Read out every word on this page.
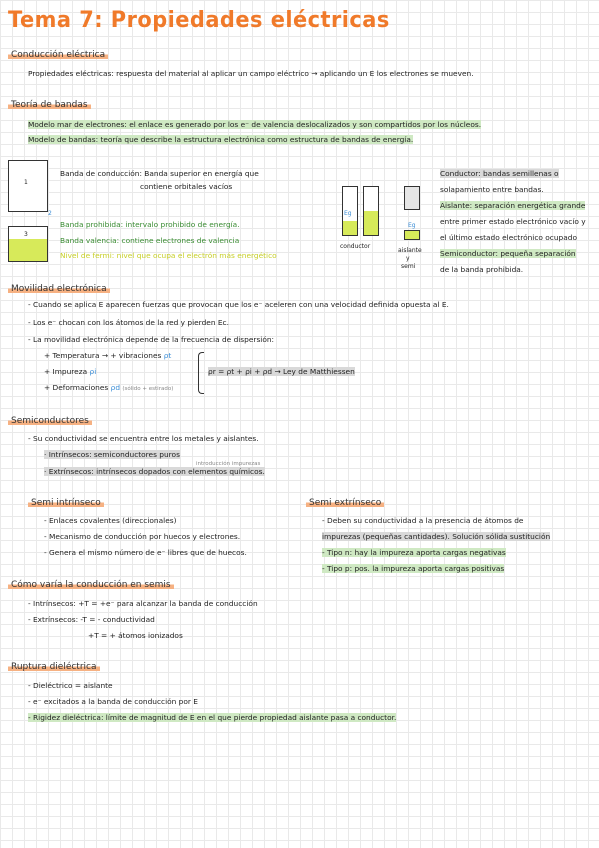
Tema 7: Propiedades eléctricas
Conducción eléctrica
Propiedades eléctricas: respuesta del material al aplicar un campo eléctrico → aplicando un E los electrones se mueven.
Teoría de bandas
Modelo mar de electrones: el enlace es generado por los e⁻ de valencia deslocalizados y son compartidos por los núcleos.
Modelo de bandas: teoría que describe la estructura electrónica como estructura de bandas de energía.
1
3
2
Banda de conducción: Banda superior en energía que
contiene orbitales vacíos
Banda prohibida: intervalo prohibido de energía.
Banda valencia: contiene electrones de valencia
Nivel de fermi: nivel que ocupa el electrón más energético
Eg
conductor
Eg
aislante
y
semi
Conductor: bandas semillenas o
solapamiento entre bandas.
Aislante: separación energética grande
entre primer estado electrónico vacío y
el último estado electrónico ocupado
Semiconductor: pequeña separación
de la banda prohibida.
Movilidad electrónica
- Cuando se aplica E aparecen fuerzas que provocan que los e⁻ aceleren con una velocidad definida opuesta al E.
- Los e⁻ chocan con los átomos de la red y pierden Ec.
- La movilidad electrónica depende de la frecuencia de dispersión:
+ Temperatura → + vibraciones ρt
+ Impureza ρi
+ Deformaciones ρd (sólido + estirado)
ρr = ρt + ρi + ρd → Ley de Matthiessen
Semiconductores
- Su conductividad se encuentra entre los metales y aislantes.
· Intrínsecos: semiconductores puros
introducción impurezas
· Extrínsecos: intrínsecos dopados con elementos químicos.
Semi intrínseco
- Enlaces covalentes (direccionales)
- Mecanismo de conducción por huecos y electrones.
- Genera el mismo número de e⁻ libres que de huecos.
Semi extrínseco
- Deben su conductividad a la presencia de átomos de
impurezas (pequeñas cantidades). Solución sólida sustitución
- Tipo n: hay la impureza aporta cargas negativas
- Tipo p: pos. la impureza aporta cargas positivas
Cómo varía la conducción en semis
- Intrínsecos: +T = +e⁻ para alcanzar la banda de conducción
- Extrínsecos: -T = - conductividad
+T = + átomos ionizados
Ruptura dieléctrica
- Dieléctrico = aislante
- e⁻ excitados a la banda de conducción por E
- Rigidez dieléctrica: límite de magnitud de E en el que pierde propiedad aislante pasa a conductor.
